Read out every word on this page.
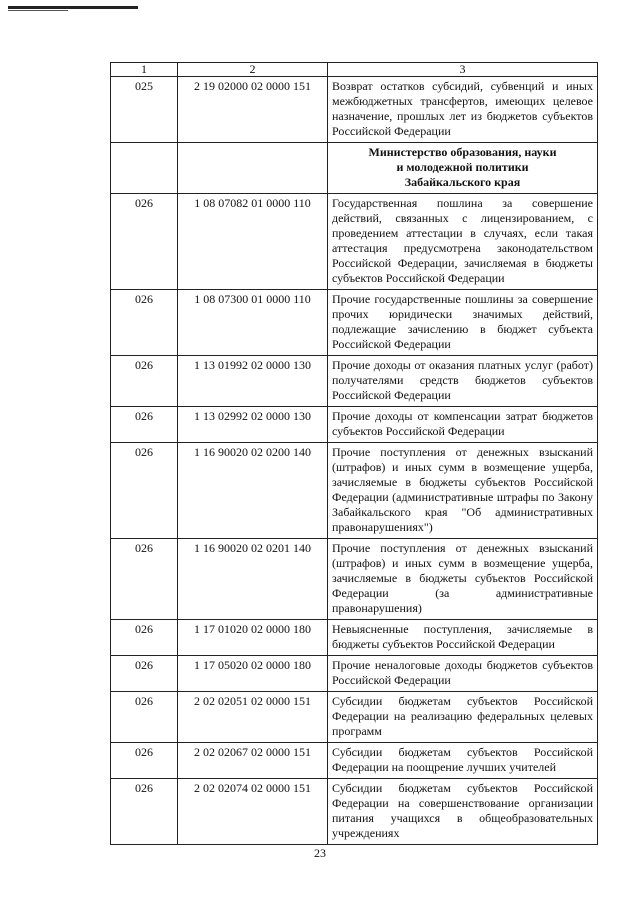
1	2	3
025	2 19 02000 02 0000 151	Возврат остатков субсидий, субвенций и иных межбюджетных трансфертов, имеющих целевое назначение, прошлых лет из бюджетов субъектов Российской Федерации

		Министерство образования, науки
и молодежной политики
Забайкальского края

026	1 08 07082 01 0000 110	Государственная пошлина за совершение действий, связанных с лицензированием, с проведением аттестации в случаях, если такая аттестация предусмотрена законодательством Российской Федерации, зачисляемая в бюджеты субъектов Российской Федерации
026	1 08 07300 01 0000 110	Прочие государственные пошлины за совершение прочих юридически значимых действий, подлежащие зачислению в бюджет субъекта Российской Федерации
026	1 13 01992 02 0000 130	Прочие доходы от оказания платных услуг (работ) получателями средств бюджетов субъектов Российской Федерации
026	1 13 02992 02 0000 130	Прочие доходы от компенсации затрат бюджетов субъектов Российской Федерации
026	1 16 90020 02 0200 140	Прочие поступления от денежных взысканий (штрафов) и иных сумм в возмещение ущерба, зачисляемые в бюджеты субъектов Российской Федерации (административные штрафы по Закону Забайкальского края "Об административных правонарушениях")
026	1 16 90020 02 0201 140	Прочие поступления от денежных взысканий (штрафов) и иных сумм в возмещение ущерба, зачисляемые в бюджеты субъектов Российской Федерации (за административные правонарушения)
026	1 17 01020 02 0000 180	Невыясненные поступления, зачисляемые в бюджеты субъектов Российской Федерации
026	1 17 05020 02 0000 180	Прочие неналоговые доходы бюджетов субъектов Российской Федерации
026	2 02 02051 02 0000 151	Субсидии бюджетам субъектов Российской Федерации на реализацию федеральных целевых программ
026	2 02 02067 02 0000 151	Субсидии бюджетам субъектов Российской Федерации на поощрение лучших учителей
026	2 02 02074 02 0000 151	Субсидии бюджетам субъектов Российской Федерации на совершенствование организации питания учащихся в общеобразовательных учреждениях
23
